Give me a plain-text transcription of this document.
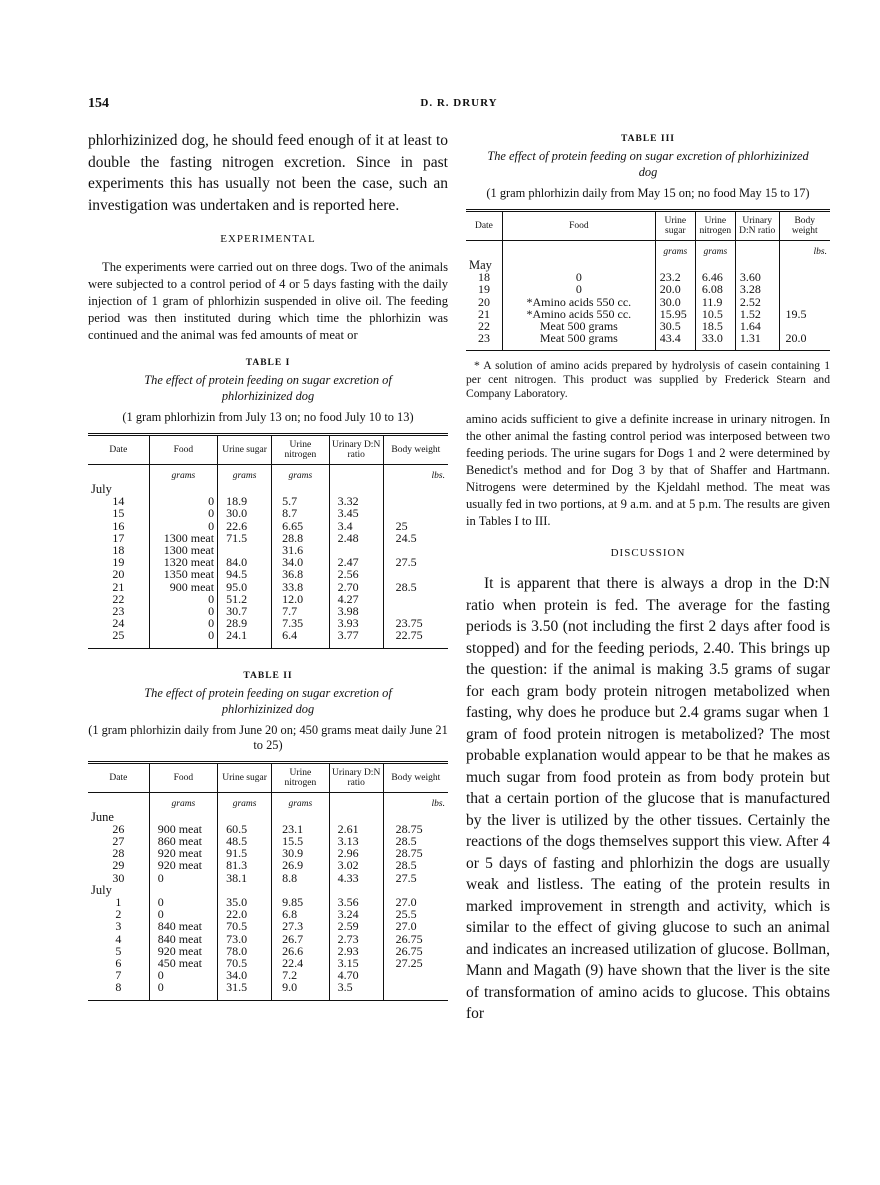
154	D. R. DRURY

phlorhizinized dog, he should feed enough of it at least to double the fasting nitrogen excretion. Since in past experiments this has usually not been the case, such an investigation was undertaken and is reported here.

EXPERIMENTAL

The experiments were carried out on three dogs. Two of the animals were subjected to a control period of 4 or 5 days fasting with the daily injection of 1 gram of phlorhizin suspended in olive oil. The feeding period was then instituted during which time the phlorhizin was continued and the animal was fed amounts of meat or

TABLE I
The effect of protein feeding on sugar excretion of phlorhizinized dog
(1 gram phlorhizin from July 13 on; no food July 10 to 13)
Date	Food	Urine sugar	Urine nitrogen	Urinary D:N ratio	Body weight
	grams	grams	grams		lbs.
July					
14	0	18.9	5.7	3.32	
15	0	30.0	8.7	3.45	
16	0	22.6	6.65	3.4	25
17	1300 meat	71.5	28.8	2.48	24.5
18	1300 meat		31.6		
19	1320 meat	84.0	34.0	2.47	27.5
20	1350 meat	94.5	36.8	2.56	
21	900 meat	95.0	33.8	2.70	28.5
22	0	51.2	12.0	4.27	
23	0	30.7	7.7	3.98	
24	0	28.9	7.35	3.93	23.75
25	0	24.1	6.4	3.77	22.75
TABLE II
The effect of protein feeding on sugar excretion of phlorhizinized dog
(1 gram phlorhizin daily from June 20 on; 450 grams meat daily June 21 to 25)
Date	Food	Urine sugar	Urine nitrogen	Urinary D:N ratio	Body weight
	grams	grams	grams		lbs.
June					
26	900 meat	60.5	23.1	2.61	28.75
27	860 meat	48.5	15.5	3.13	28.5
28	920 meat	91.5	30.9	2.96	28.75
29	920 meat	81.3	26.9	3.02	28.5
30	0	38.1	8.8	4.33	27.5
July					
1	0	35.0	9.85	3.56	27.0
2	0	22.0	6.8	3.24	25.5
3	840 meat	70.5	27.3	2.59	27.0
4	840 meat	73.0	26.7	2.73	26.75
5	920 meat	78.0	26.6	2.93	26.75
6	450 meat	70.5	22.4	3.15	27.25
7	0	34.0	7.2	4.70	
8	0	31.5	9.0	3.5	
TABLE III
The effect of protein feeding on sugar excretion of phlorhizinized dog
(1 gram phlorhizin daily from May 15 on; no food May 15 to 17)
Date	Food	Urine sugar	Urine nitrogen	Urinary D:N ratio	Body weight
		grams	grams		lbs.
May					
18	0	23.2	6.46	3.60	
19	0	20.0	6.08	3.28	
20	*Amino acids 550 cc.	30.0	11.9	2.52	
21	*Amino acids 550 cc.	15.95	10.5	1.52	19.5
22	Meat 500 grams	30.5	18.5	1.64	
23	Meat 500 grams	43.4	33.0	1.31	20.0

* A solution of amino acids prepared by hydrolysis of casein containing 1 per cent nitrogen. This product was supplied by Frederick Stearn and Company Laboratory.

amino acids sufficient to give a definite increase in urinary nitrogen. In the other animal the fasting control period was interposed between two feeding periods. The urine sugars for Dogs 1 and 2 were determined by Benedict's method and for Dog 3 by that of Shaffer and Hartmann. Nitrogens were determined by the Kjeldahl method. The meat was usually fed in two portions, at 9 a.m. and at 5 p.m. The results are given in Tables I to III.

DISCUSSION

It is apparent that there is always a drop in the D:N ratio when protein is fed. The average for the fasting periods is 3.50 (not including the first 2 days after food is stopped) and for the feeding periods, 2.40. This brings up the question: if the animal is making 3.5 grams of sugar for each gram body protein nitrogen metabolized when fasting, why does he produce but 2.4 grams sugar when 1 gram of food protein nitrogen is metabolized? The most probable explanation would appear to be that he makes as much sugar from food protein as from body protein but that a certain portion of the glucose that is manufactured by the liver is utilized by the other tissues. Certainly the reactions of the dogs themselves support this view. After 4 or 5 days of fasting and phlorhizin the dogs are usually weak and listless. The eating of the protein results in marked improvement in strength and activity, which is similar to the effect of giving glucose to such an animal and indicates an increased utilization of glucose. Bollman, Mann and Magath (9) have shown that the liver is the site of transformation of amino acids to glucose. This obtains for
